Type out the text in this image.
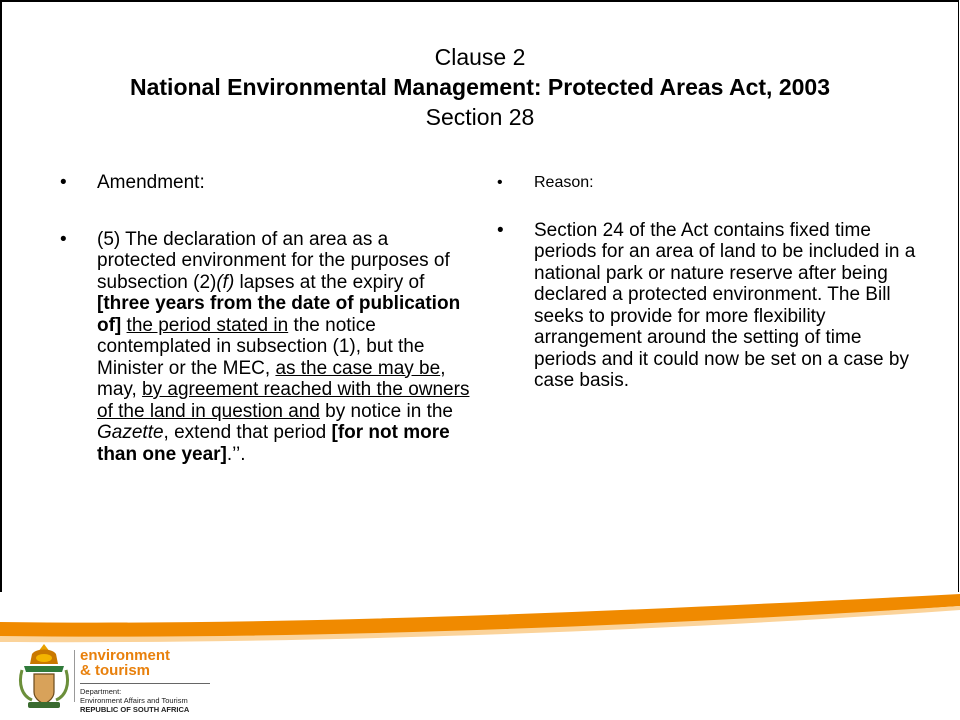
Clause 2
National Environmental Management: Protected Areas Act, 2003
Section 28
• Amendment:
• (5) The declaration of an area as a protected environment for the purposes of subsection (2)(f) lapses at the expiry of [three years from the date of publication of] the period stated in the notice contemplated in subsection (1), but the Minister or the MEC, as the case may be, may, by agreement reached with the owners of the land in question and by notice in the Gazette, extend that period [for not more than one year].’’.
• Reason:
• Section 24 of the Act contains fixed time periods for an area of land to be included in a national park or nature reserve after being declared a protected environment. The Bill seeks to provide for more flexibility arrangement around the setting of time periods and it could now be set on a case by case basis.
environment
& tourism
Department:
Environment Affairs and Tourism
REPUBLIC OF SOUTH AFRICA
